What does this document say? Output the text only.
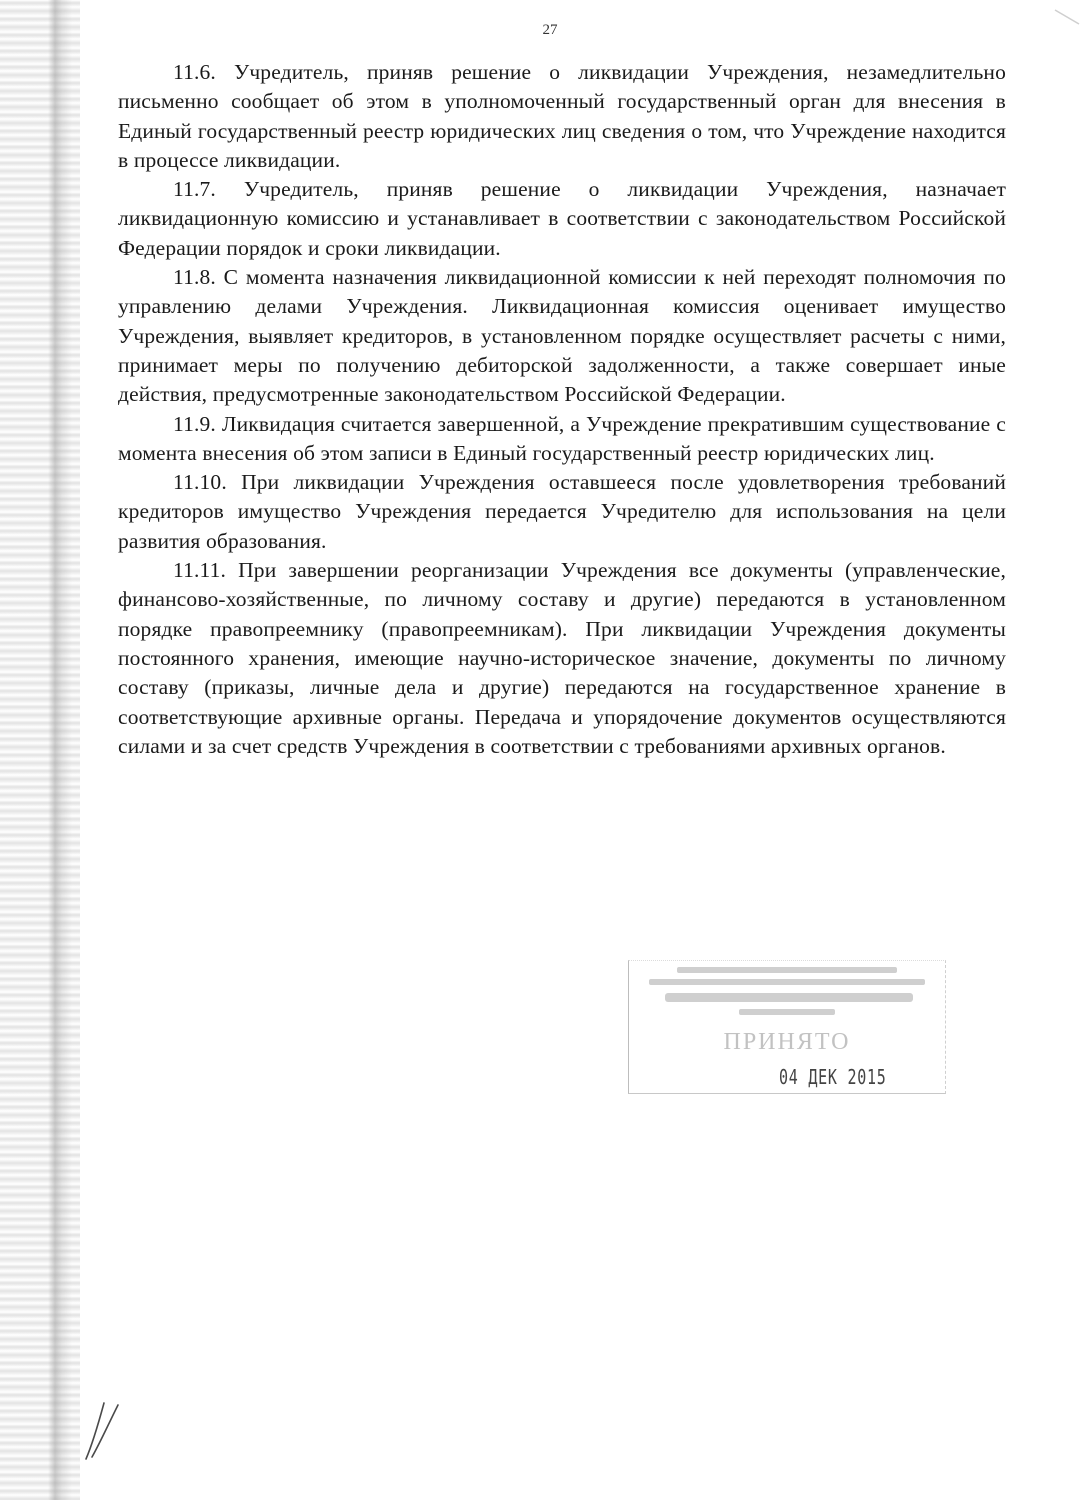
27

11.6. Учредитель, приняв решение о ликвидации Учреждения, незамедлительно письменно сообщает об этом в уполномоченный государственный орган для внесения в Единый государственный реестр юридических лиц сведения о том, что Учреждение находится в процессе ликвидации.

11.7. Учредитель, приняв решение о ликвидации Учреждения, назначает ликвидационную комиссию и устанавливает в соответствии с законодательством Российской Федерации порядок и сроки ликвидации.

11.8. С момента назначения ликвидационной комиссии к ней переходят полномочия по управлению делами Учреждения. Ликвидационная комиссия оценивает имущество Учреждения, выявляет кредиторов, в установленном порядке осуществляет расчеты с ними, принимает меры по получению дебиторской задолженности, а также совершает иные действия, предусмотренные законодательством Российской Федерации.

11.9. Ликвидация считается завершенной, а Учреждение прекратившим существование с момента внесения об этом записи в Единый государственный реестр юридических лиц.

11.10. При ликвидации Учреждения оставшееся после удовлетворения требований кредиторов имущество Учреждения передается Учредителю для использования на цели развития образования.

11.11. При завершении реорганизации Учреждения все документы (управленческие, финансово-хозяйственные, по личному составу и другие) передаются в установленном порядке правопреемнику (правопреемникам). При ликвидации Учреждения документы постоянного хранения, имеющие научно-историческое значение, документы по личному составу (приказы, личные дела и другие) передаются на государственное хранение в соответствующие архивные органы. Передача и упорядочение документов осуществляются силами и за счет средств Учреждения в соответствии с требованиями архивных органов.

ПРИНЯТО
04 ДЕК 2015
